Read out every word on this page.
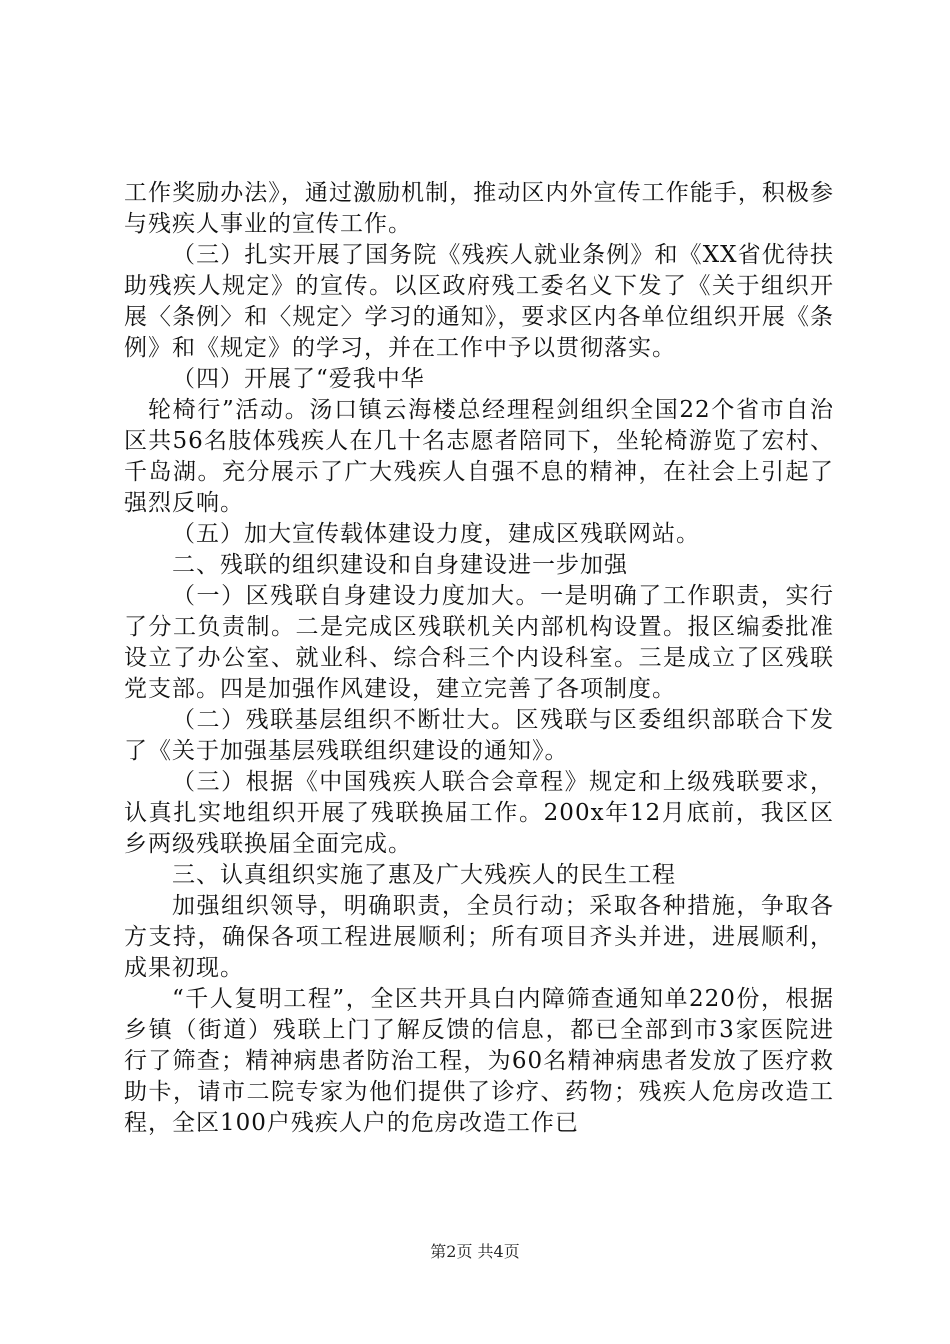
工作奖励办法》，通过激励机制，推动区内外宣传工作能手，积极参与残疾人事业的宣传工作。

（三）扎实开展了国务院《残疾人就业条例》和《XX省优待扶助残疾人规定》的宣传。以区政府残工委名义下发了《关于组织开展〈条例〉和〈规定〉学习的通知》，要求区内各单位组织开展《条例》和《规定》的学习，并在工作中予以贯彻落实。

（四）开展了“爱我中华

轮椅行”活动。汤口镇云海楼总经理程剑组织全国22个省市自治区共56名肢体残疾人在几十名志愿者陪同下，坐轮椅游览了宏村、千岛湖。充分展示了广大残疾人自强不息的精神，在社会上引起了强烈反响。

（五）加大宣传载体建设力度，建成区残联网站。

二、残联的组织建设和自身建设进一步加强

（一）区残联自身建设力度加大。一是明确了工作职责，实行了分工负责制。二是完成区残联机关内部机构设置。报区编委批准设立了办公室、就业科、综合科三个内设科室。三是成立了区残联党支部。四是加强作风建设，建立完善了各项制度。

（二）残联基层组织不断壮大。区残联与区委组织部联合下发了《关于加强基层残联组织建设的通知》。

（三）根据《中国残疾人联合会章程》规定和上级残联要求，认真扎实地组织开展了残联换届工作。200x年12月底前，我区区乡两级残联换届全面完成。

三、认真组织实施了惠及广大残疾人的民生工程

加强组织领导，明确职责，全员行动；采取各种措施，争取各方支持，确保各项工程进展顺利；所有项目齐头并进，进展顺利，成果初现。

“千人复明工程”，全区共开具白内障筛查通知单220份，根据乡镇（街道）残联上门了解反馈的信息，都已全部到市3家医院进行了筛查；精神病患者防治工程，为60名精神病患者发放了医疗救助卡，请市二院专家为他们提供了诊疗、药物；残疾人危房改造工程，全区100户残疾人户的危房改造工作已

第2页 共4页
